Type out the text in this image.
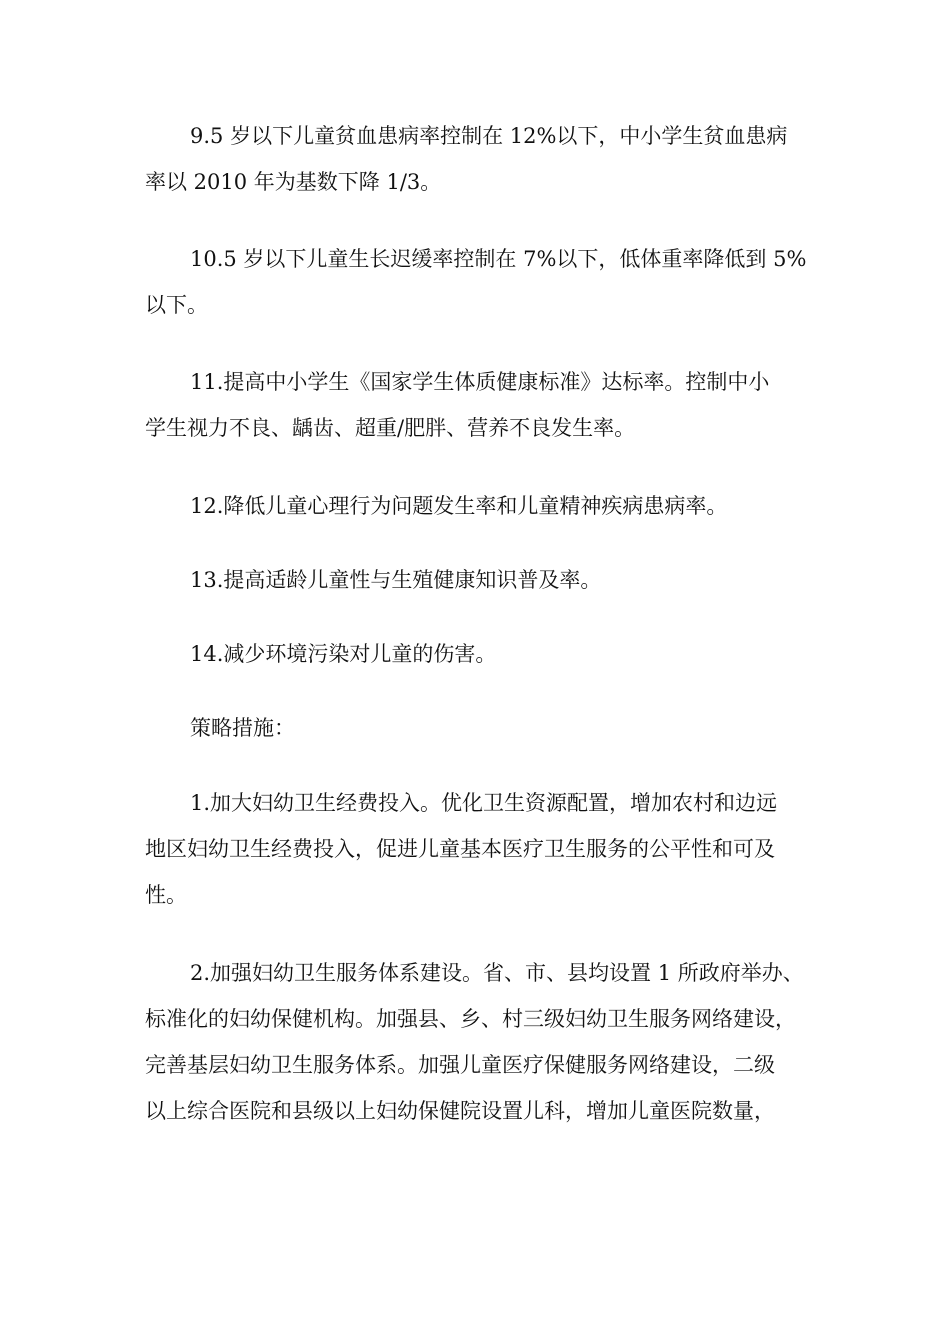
9.5 岁以下儿童贫血患病率控制在 12%以下，中小学生贫血患病
率以 2010 年为基数下降 1/3。
10.5 岁以下儿童生长迟缓率控制在 7%以下，低体重率降低到 5%
以下。
11.提高中小学生《国家学生体质健康标准》达标率。控制中小
学生视力不良、龋齿、超重/肥胖、营养不良发生率。
12.降低儿童心理行为问题发生率和儿童精神疾病患病率。
13.提高适龄儿童性与生殖健康知识普及率。
14.减少环境污染对儿童的伤害。
策略措施：
1.加大妇幼卫生经费投入。优化卫生资源配置，增加农村和边远
地区妇幼卫生经费投入，促进儿童基本医疗卫生服务的公平性和可及
性。
2.加强妇幼卫生服务体系建设。省、市、县均设置 1 所政府举办、
标准化的妇幼保健机构。加强县、乡、村三级妇幼卫生服务网络建设，
完善基层妇幼卫生服务体系。加强儿童医疗保健服务网络建设，二级
以上综合医院和县级以上妇幼保健院设置儿科，增加儿童医院数量，
